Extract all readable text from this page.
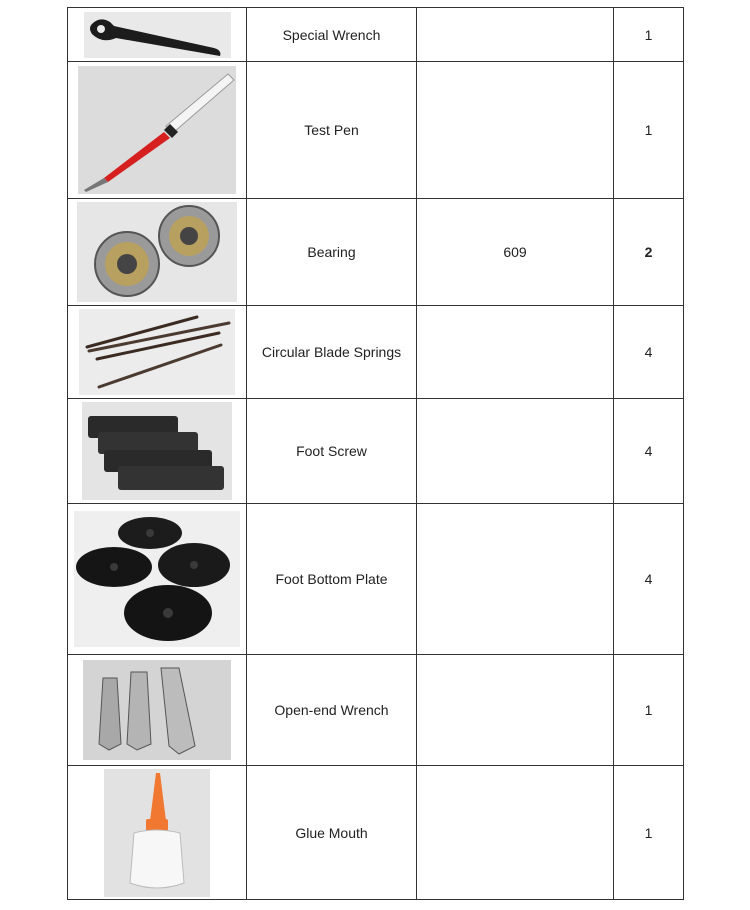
	Special Wrench		1

	Test Pen		1

	Bearing	609	2

	Circular Blade Springs		4

	Foot Screw		4

	Foot Bottom Plate		4

	Open-end Wrench		1

	Glue Mouth		1
